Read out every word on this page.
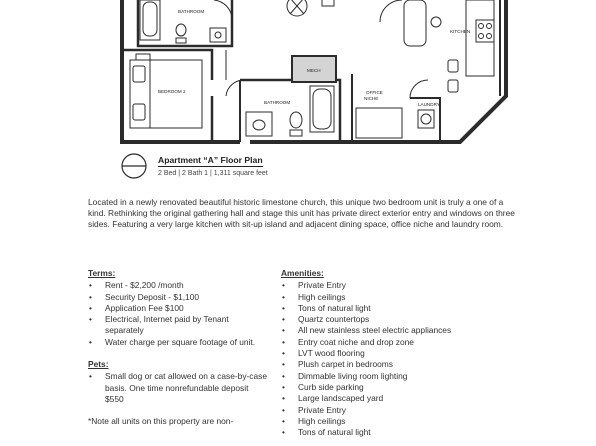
BATHROOM
BEDROOM 2
MECH
BATHROOM
OFFICE
NICHE
LAUNDRY
KITCHEN
Apartment “A” Floor Plan
2 Bed | 2 Bath 1 | 1,311 square feet

Located in a newly renovated beautiful historic limestone church, this unique two bedroom unit is truly a one of a kind. Rethinking the original gathering hall and stage this unit has private direct exterior entry and windows on three sides. Featuring a very large kitchen with sit-up island and adjacent dining space, office niche and laundry room.

Terms:
• Rent - $2,200 /month
• Security Deposit - $1,100
• Application Fee $100
• Electrical, Internet paid by Tenant separately
• Water charge per square footage of unit.
Pets:
• Small dog or cat allowed on a case-by-case basis. One time nonrefundable deposit $550

*Note all units on this property are non-

Amenities:
• Private Entry
• High ceilings
• Tons of natural light
• Quartz countertops
• All new stainless steel electric appliances
• Entry coat niche and drop zone
• LVT wood flooring
• Plush carpet in bedrooms
• Dimmable living room lighting
• Curb side parking
• Large landscaped yard
• Private Entry
• High ceilings
• Tons of natural light
